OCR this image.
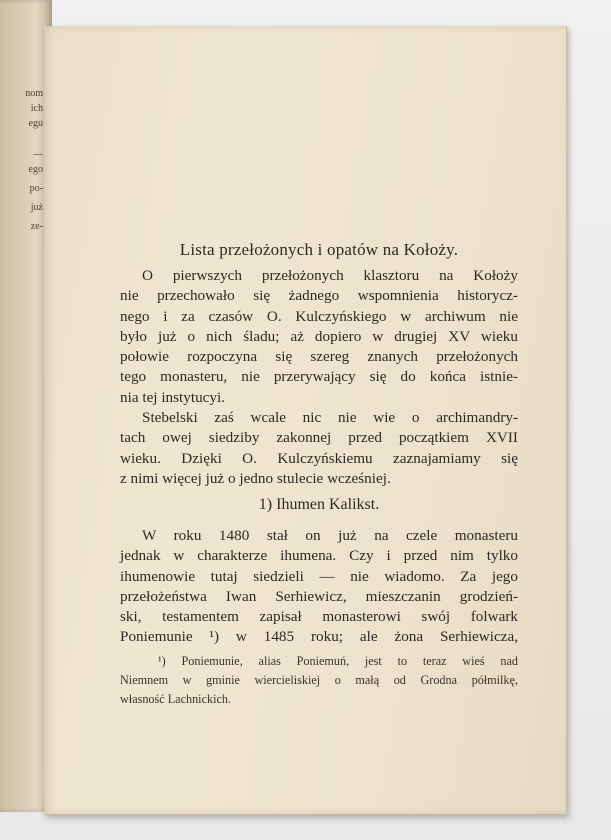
nom
ich
egu
—
ego
po-
już
ze-
Lista przełożonych i opatów na Kołoży.
O pierwszych przełożonych klasztoru na Kołoży
nie przechowało się żadnego wspomnienia historycz-
nego i za czasów O. Kulczyńskiego w archiwum nie
było już o nich śladu; aż dopiero w drugiej XV wieku
połowie rozpoczyna się szereg znanych przełożonych
tego monasteru, nie przerywający się do końca istnie-
nia tej instytucyi.
Stebelski zaś wcale nic nie wie o archimandry-
tach owej siedziby zakonnej przed początkiem XVII
wieku. Dzięki O. Kulczyńskiemu zaznajamiamy się
z nimi więcej już o jedno stulecie wcześniej.
1) Ihumen Kalikst.
W roku 1480 stał on już na czele monasteru
jednak w charakterze ihumena. Czy i przed nim tylko
ihumenowie tutaj siedzieli — nie wiadomo. Za jego
przełożeństwa Iwan Serhiewicz, mieszczanin grodzień-
ski, testamentem zapisał monasterowi swój folwark
Poniemunie ¹) w 1485 roku; ale żona Serhiewicza,
¹) Poniemunie, alias Poniemuń, jest to teraz wieś nad
Niemnem w gminie wiercieliskiej o małą od Grodna półmilkę,
własność Lachnickich.
